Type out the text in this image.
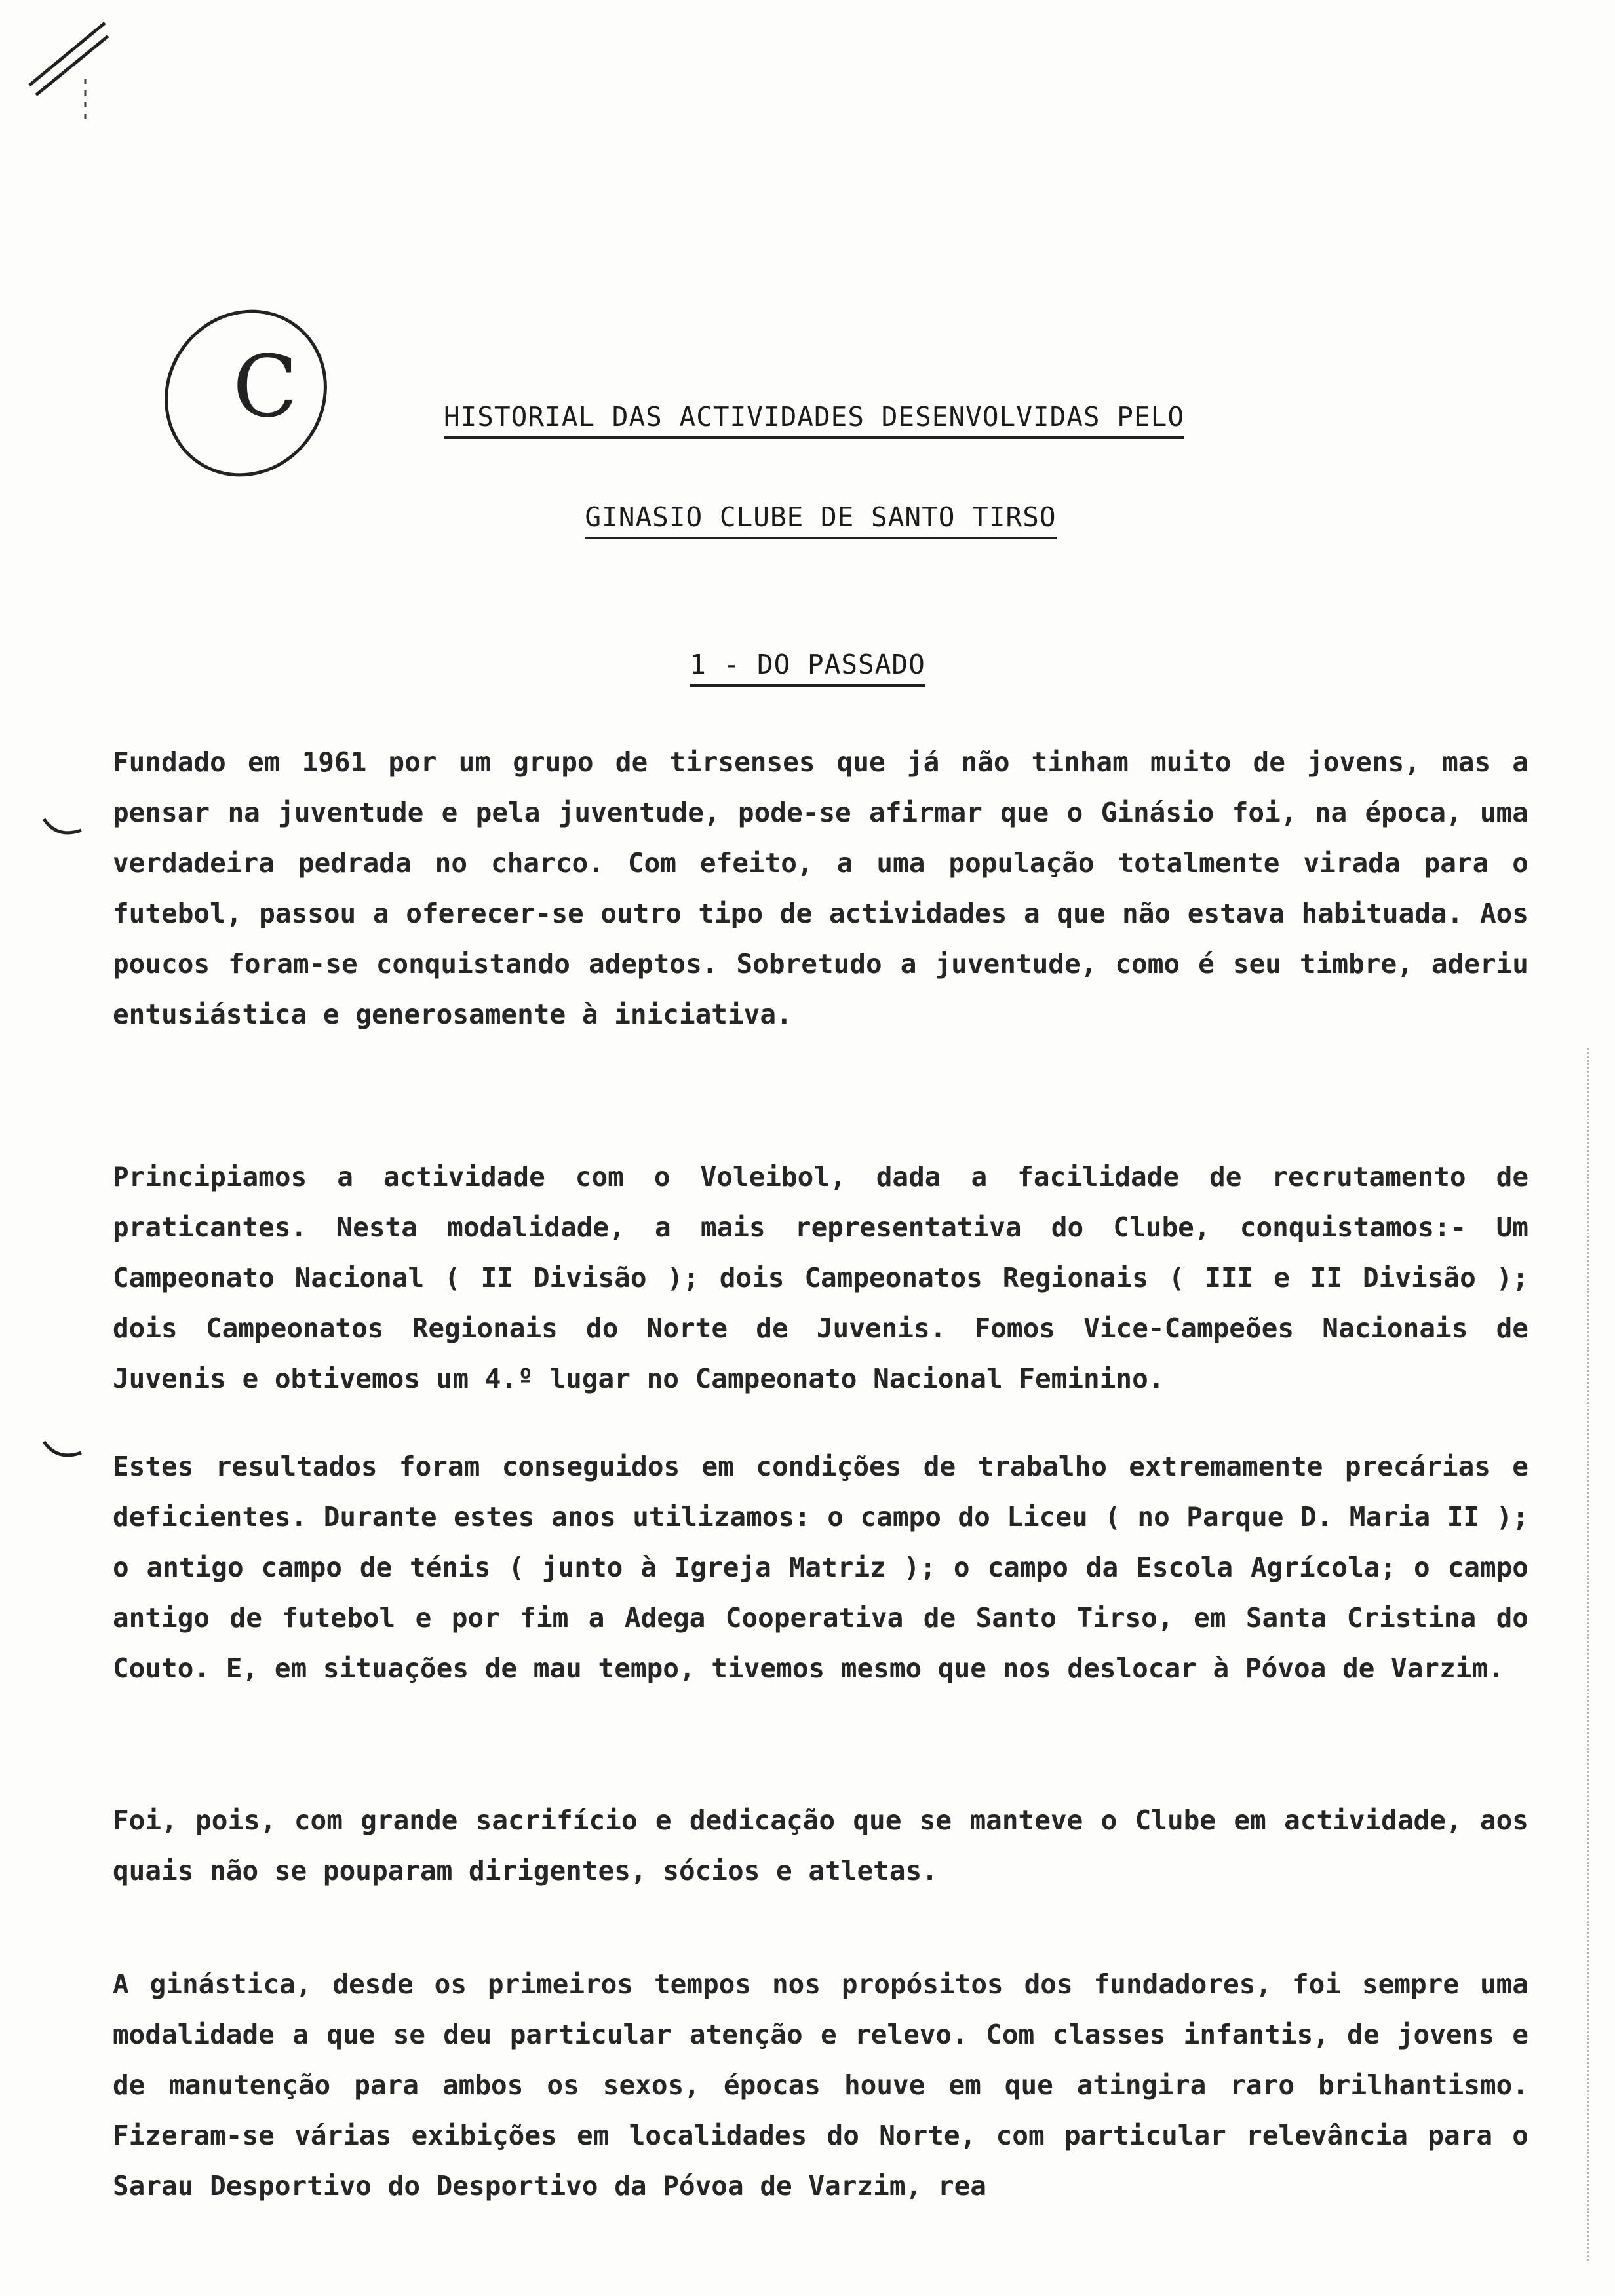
C	HISTORIAL DAS ACTIVIDADES DESENVOLVIDAS PELO
GINASIO CLUBE DE SANTO TIRSO
1 - DO PASSADO
Fundado em 1961 por um grupo de tirsenses que já não tinham muito de jovens, mas a pensar na juventude e pela juventude, pode-se afirmar que o Ginásio foi, na época, uma verdadeira pedrada no charco. Com efeito, a uma população totalmente virada para o futebol, passou a oferecer-se outro tipo de actividades a que não estava habituada. Aos poucos foram-se conquistando adeptos. Sobretudo a juventude, como é seu timbre, aderiu entusiástica e generosamente à iniciativa.
Principiamos a actividade com o Voleibol, dada a facilidade de recrutamento de praticantes. Nesta modalidade, a mais representativa do Clube, conquistamos:- Um Campeonato Nacional ( II Divisão ); dois Campeonatos Regionais ( III e II Divisão ); dois Campeonatos Regionais do Norte de Juvenis. Fomos Vice-Campeões Nacionais de Juvenis e obtivemos um 4.º lugar no Campeonato Nacional Feminino.
Estes resultados foram conseguidos em condições de trabalho extremamente precárias e deficientes. Durante estes anos utilizamos: o campo do Liceu ( no Parque D. Maria II ); o antigo campo de ténis ( junto à Igreja Matriz ); o campo da Escola Agrícola; o campo antigo de futebol e por fim a Adega Cooperativa de Santo Tirso, em Santa Cristina do Couto. E, em situações de mau tempo, tivemos mesmo que nos deslocar à Póvoa de Varzim.
Foi, pois, com grande sacrifício e dedicação que se manteve o Clube em actividade, aos quais não se pouparam dirigentes, sócios e atletas.
A ginástica, desde os primeiros tempos nos propósitos dos fundadores, foi sempre uma modalidade a que se deu particular atenção e relevo. Com classes infantis, de jovens e de manutenção para ambos os sexos, épocas houve em que atingira raro brilhantismo. Fizeram-se várias exibições em localidades do Norte, com particular relevância para o Sarau Desportivo do Desportivo da Póvoa de Varzim, rea
